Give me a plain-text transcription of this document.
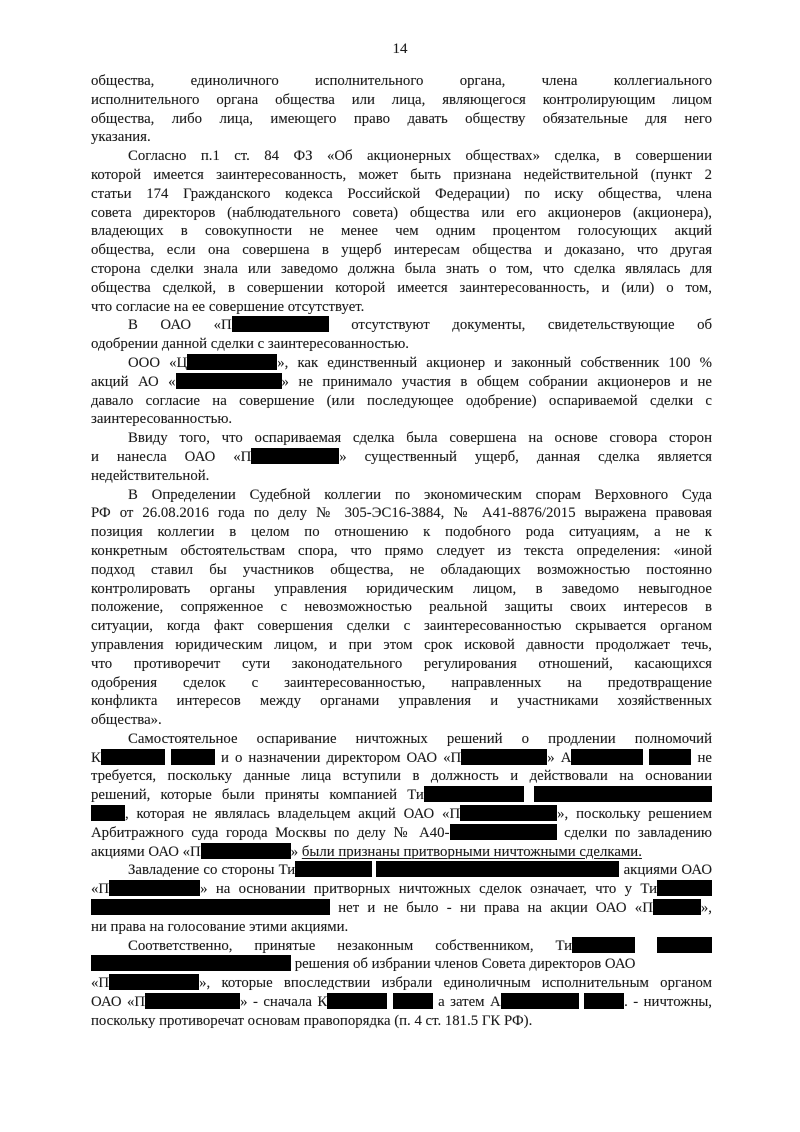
14
общества, единоличного исполнительного органа, члена коллегиального
исполнительного органа общества или лица, являющегося контролирующим лицом
общества, либо лица, имеющего право давать обществу обязательные для него
указания.
Согласно п.1 ст. 84 ФЗ «Об акционерных обществах» сделка, в совершении
которой имеется заинтересованность, может быть признана недействительной (пункт 2
статьи 174 Гражданского кодекса Российской Федерации) по иску общества, члена
совета директоров (наблюдательного совета) общества или его акционеров (акционера),
владеющих в совокупности не менее чем одним процентом голосующих акций
общества, если она совершена в ущерб интересам общества и доказано, что другая
сторона сделки знала или заведомо должна была знать о том, что сделка являлась для
общества сделкой, в совершении которой имеется заинтересованность, и (или) о том,
что согласие на ее совершение отсутствует.
В ОАО «П	отсутствуют документы, свидетельствующие об
одобрении данной сделки с заинтересованностью.
ООО «Ц	», как единственный акционер и законный собственник 100 %
акций АО «	» не принимало участия в общем собрании акционеров и не
давало согласие на совершение (или последующее одобрение) оспариваемой сделки с
заинтересованностью.
Ввиду того, что оспариваемая сделка была совершена на основе сговора сторон
и нанесла ОАО «П	» существенный ущерб, данная сделка является
недействительной.
В Определении Судебной коллегии по экономическим спорам Верховного Суда
РФ от 26.08.2016 года по делу № 305-ЭС16-3884, № А41-8876/2015 выражена правовая
позиция коллегии в целом по отношению к подобного рода ситуациям, а не к
конкретным обстоятельствам спора, что прямо следует из текста определения: «иной
подход ставил бы участников общества, не обладающих возможностью постоянно
контролировать органы управления юридическим лицом, в заведомо невыгодное
положение, сопряженное с невозможностью реальной защиты своих интересов в
ситуации, когда факт совершения сделки с заинтересованностью скрывается органом
управления юридическим лицом, и при этом срок исковой давности продолжает течь,
что противоречит сути законодательного регулирования отношений, касающихся
одобрения сделок с заинтересованностью, направленных на предотвращение
конфликта интересов между органами управления и участниками хозяйственных
общества».
Самостоятельное оспаривание ничтожных решений о продлении полномочий
К	и о назначении директором ОАО «П	» А	не
требуется, поскольку данные лица вступили в должность и действовали на основании
решений, которые были приняты компанией Ти
, которая не являлась владельцем акций ОАО «П	», поскольку решением
Арбитражного суда города Москвы по делу № А40-	сделки по завладению
акциями ОАО «П	» были признаны притворными ничтожными сделками.
Завладение со стороны Ти	акциями ОАО
«П	» на основании притворных ничтожных сделок означает, что у Ти
нет и не было - ни права на акции ОАО «П	»,
ни права на голосование этими акциями.
Соответственно, принятые незаконным собственником, Ти
решения об избрании членов Совета директоров ОАО
«П	», которые впоследствии избрали единоличным исполнительным органом
ОАО «П	» - сначала К	а затем А	. - ничтожны,
поскольку противоречат основам правопорядка (п. 4 ст. 181.5 ГК РФ).
